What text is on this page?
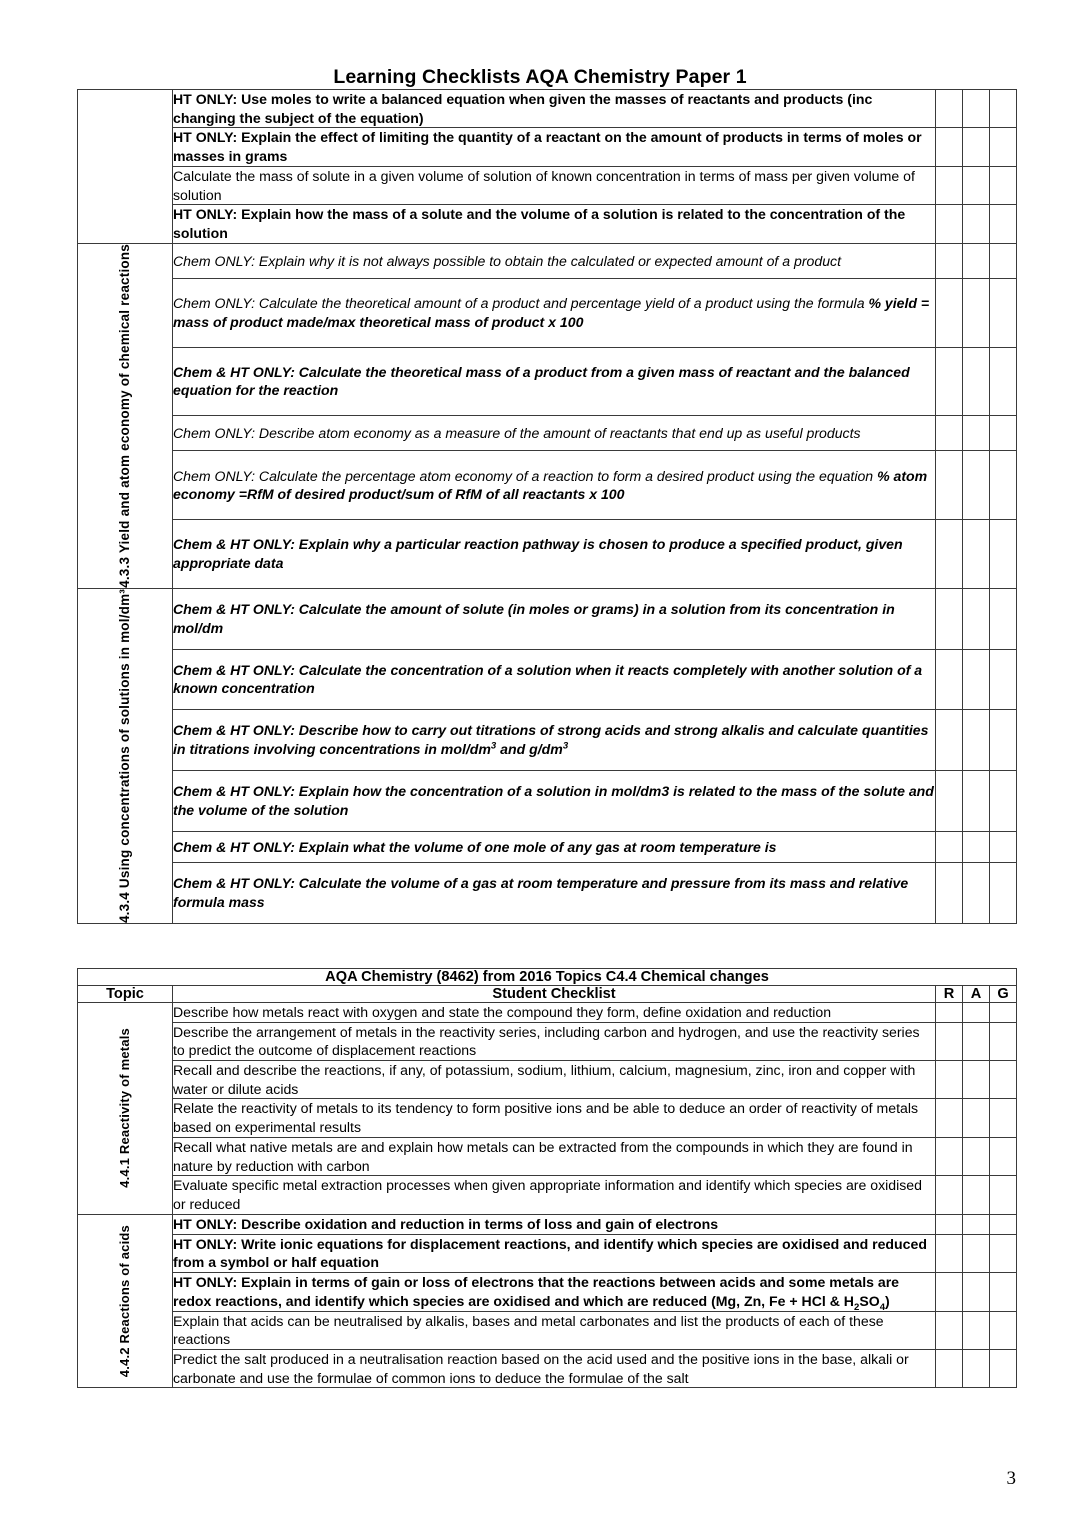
Learning Checklists AQA Chemistry Paper 1
	HT ONLY: Use moles to write a balanced equation when given the masses of reactants and products (inc changing the subject of the equation)			
	HT ONLY: Explain the effect of limiting the quantity of a reactant on the amount of products in terms of moles or masses in grams			
	Calculate the mass of solute in a given volume of solution of known concentration in terms of mass per given volume of solution			
	HT ONLY: Explain how the mass of a solute and the volume of a solution is related to the concentration of the solution			

4.3.3 Yield and atom economy of chemical reactions	Chem ONLY: Explain why it is not always possible to obtain the calculated or expected amount of a product			
	Chem ONLY: Calculate the theoretical amount of a product and percentage yield of a product using the formula % yield = mass of product made/max theoretical mass of product x 100			
	Chem & HT ONLY: Calculate the theoretical mass of a product from a given mass of reactant and the balanced equation for the reaction			
	Chem ONLY: Describe atom economy as a measure of the amount of reactants that end up as useful products			
	Chem ONLY: Calculate the percentage atom economy of a reaction to form a desired product using the equation % atom economy =RfM of desired product/sum of RfM of all reactants x 100			
	Chem & HT ONLY: Explain why a particular reaction pathway is chosen to produce a specified product, given appropriate data			

4.3.4 Using concentrations of solutions in mol/dm³	Chem & HT ONLY: Calculate the amount of solute (in moles or grams) in a solution from its concentration in mol/dm			
	Chem & HT ONLY: Calculate the concentration of a solution when it reacts completely with another solution of a known concentration			
	Chem & HT ONLY: Describe how to carry out titrations of strong acids and strong alkalis and calculate quantities in titrations involving concentrations in mol/$dm^3$ and $g/dm^3$			
	Chem & HT ONLY: Explain how the concentration of a solution in mol/dm3 is related to the mass of the solute and the volume of the solution			
	Chem & HT ONLY: Explain what the volume of one mole of any gas at room temperature is			
	Chem & HT ONLY: Calculate the volume of a gas at room temperature and pressure from its mass and relative formula mass			
AQA Chemistry (8462) from 2016 Topics C4.4 Chemical changes				
Topic	Student Checklist	R	A	G

4.4.1 Reactivity of metals	Describe how metals react with oxygen and state the compound they form, define oxidation and reduction			
	Describe the arrangement of metals in the reactivity series, including carbon and hydrogen, and use the reactivity series to predict the outcome of displacement reactions			
	Recall and describe the reactions, if any, of potassium, sodium, lithium, calcium, magnesium, zinc, iron and copper with water or dilute acids			
	Relate the reactivity of metals to its tendency to form positive ions and be able to deduce an order of reactivity of metals based on experimental results			
	Recall what native metals are and explain how metals can be extracted from the compounds in which they are found in nature by reduction with carbon			
	Evaluate specific metal extraction processes when given appropriate information and identify which species are oxidised or reduced			

4.4.2 Reactions of acids	HT ONLY: Describe oxidation and reduction in terms of loss and gain of electrons			
	HT ONLY: Write ionic equations for displacement reactions, and identify which species are oxidised and reduced from a symbol or half equation			
	HT ONLY: Explain in terms of gain or loss of electrons that the reactions between acids and some metals are redox reactions, and identify which species are oxidised and which are reduced (Mg, Zn, Fe + HCl & $H_2SO_4$)			
	Explain that acids can be neutralised by alkalis, bases and metal carbonates and list the products of each of these reactions			
	Predict the salt produced in a neutralisation reaction based on the acid used and the positive ions in the base, alkali or carbonate and use the formulae of common ions to deduce the formulae of the salt			
3
